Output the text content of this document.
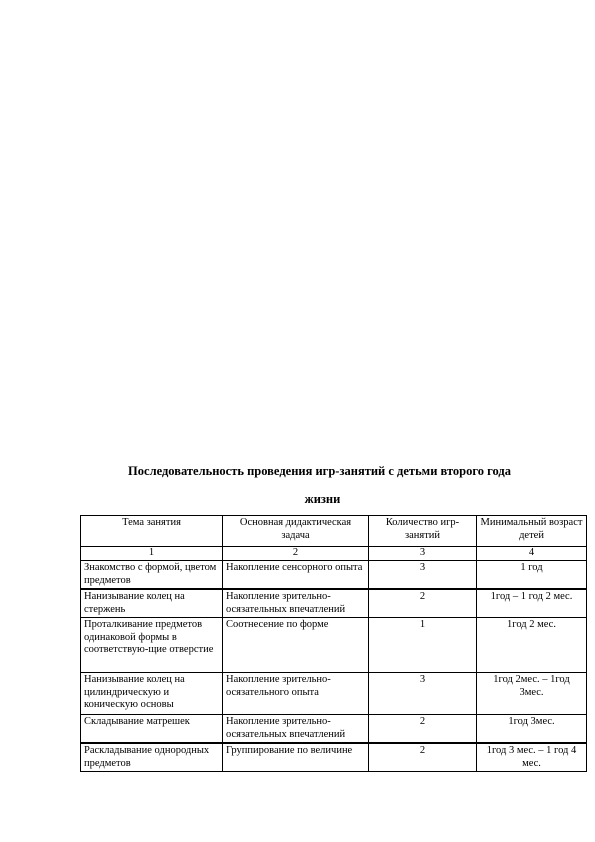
Последовательность проведения игр-занятий с детьми второго года
жизни
Тема занятия	Основная дидактическая задача	Количество игр-занятий	Минимальный возраст детей
1	2	3	4
Знакомство с формой, цветом предметов	Накопление сенсорного опыта	3	1 год
Нанизывание колец на стержень	Накопление зрительно-осязательных впечатлений	2	1год – 1 год 2 мес.
Проталкивание предметов одинаковой формы в соответствую-щие отверстие	Соотнесение по форме	1	1год 2 мес.
Нанизывание колец на цилиндрическую и коническую основы	Накопление зрительно-осязательного опыта	3	1год 2мес. – 1год 3мес.
Складывание матрешек	Накопление зрительно-осязательных впечатлений	2	1год 3мес.
Раскладывание однородных предметов	Группирование по величине	2	1год 3 мес. – 1 год 4 мес.
